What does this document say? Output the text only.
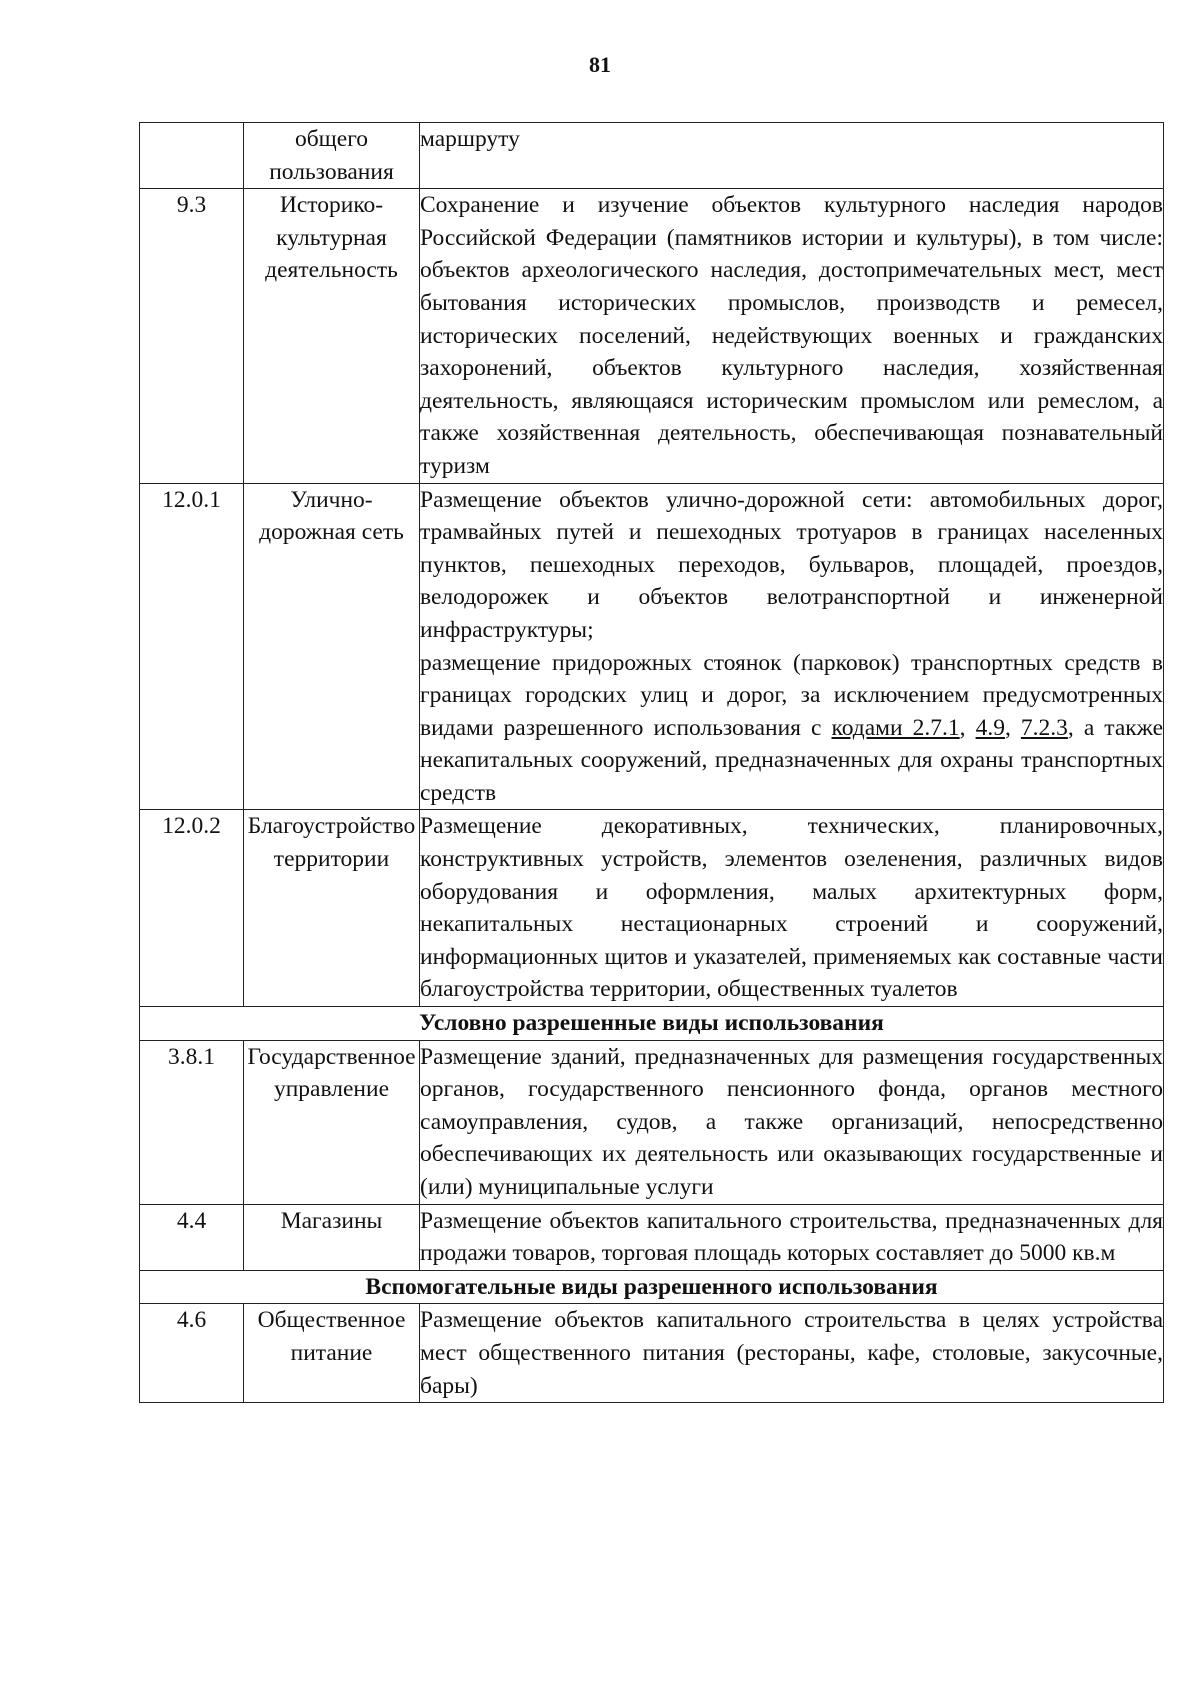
81
	общего пользования	маршруту
9.3	Историко-культурная деятельность	Сохранение и изучение объектов культурного наследия народов Российской Федерации (памятников истории и культуры), в том числе: объектов археологического наследия, достопримечательных мест, мест бытования исторических промыслов, производств и ремесел, исторических поселений, недействующих военных и гражданских захоронений, объектов культурного наследия, хозяйственная деятельность, являющаяся историческим промыслом или ремеслом, а также хозяйственная деятельность, обеспечивающая познавательный туризм
12.0.1	Улично-дорожная сеть	Размещение объектов улично-дорожной сети: автомобильных дорог, трамвайных путей и пешеходных тротуаров в границах населенных пунктов, пешеходных переходов, бульваров, площадей, проездов, велодорожек и объектов велотранспортной и инженерной инфраструктуры;
размещение придорожных стоянок (парковок) транспортных средств в границах городских улиц и дорог, за исключением предусмотренных видами разрешенного использования с кодами 2.7.1, 4.9, 7.2.3, а также некапитальных сооружений, предназначенных для охраны транспортных средств
12.0.2	Благоустройство территории	Размещение декоративных, технических, планировочных, конструктивных устройств, элементов озеленения, различных видов оборудования и оформления, малых архитектурных форм, некапитальных нестационарных строений и сооружений, информационных щитов и указателей, применяемых как составные части благоустройства территории, общественных туалетов
Условно разрешенные виды использования		
3.8.1	Государственное управление	Размещение зданий, предназначенных для размещения государственных органов, государственного пенсионного фонда, органов местного самоуправления, судов, а также организаций, непосредственно обеспечивающих их деятельность или оказывающих государственные и (или) муниципальные услуги
4.4	Магазины	Размещение объектов капитального строительства, предназначенных для продажи товаров, торговая площадь которых составляет до 5000 кв.м
Вспомогательные виды разрешенного использования		
4.6	Общественное питание	Размещение объектов капитального строительства в целях устройства мест общественного питания (рестораны, кафе, столовые, закусочные, бары)
